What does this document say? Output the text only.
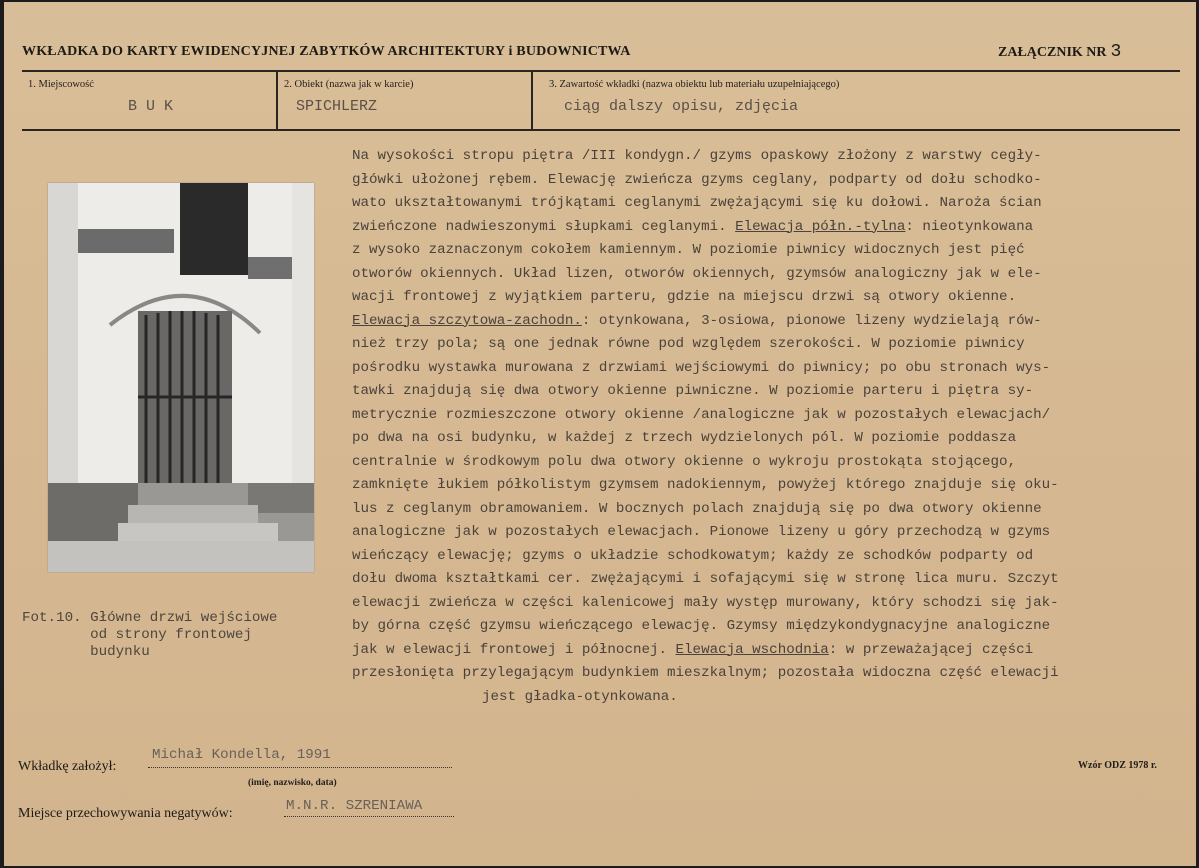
WKŁADKA DO KARTY EWIDENCYJNEJ ZABYTKÓW ARCHITEKTURY i BUDOWNICTWA	ZAŁĄCZNIK NR 3
1. Miejscowość
B U K
2. Obiekt (nazwa jak w karcie)
SPICHLERZ
3. Zawartość wkładki (nazwa obiektu lub materiału uzupełniającego)
ciąg dalszy opisu, zdjęcia
Fot.10. Główne drzwi wejściowe
od strony frontowej
budynku
Na wysokości stropu piętra /III kondygn./ gzyms opaskowy złożony z warstwy cegły-
główki ułożonej rębem. Elewację zwieńcza gzyms ceglany, podparty od dołu schodko-
wato ukształtowanymi trójkątami ceglanymi zwężającymi się ku dołowi. Naroża ścian
zwieńczone nadwieszonymi słupkami ceglanymi. Elewacja półn.-tylna: nieotynkowana
z wysoko zaznaczonym cokołem kamiennym. W poziomie piwnicy widocznych jest pięć
otworów okiennych. Układ lizen, otworów okiennych, gzymsów analogiczny jak w ele-
wacji frontowej z wyjątkiem parteru, gdzie na miejscu drzwi są otwory okienne.
Elewacja szczytowa-zachodn.: otynkowana, 3-osiowa, pionowe lizeny wydzielają rów-
nież trzy pola; są one jednak równe pod względem szerokości. W poziomie piwnicy
pośrodku wystawka murowana z drzwiami wejściowymi do piwnicy; po obu stronach wys-
tawki znajdują się dwa otwory okienne piwniczne. W poziomie parteru i piętra sy-
metrycznie rozmieszczone otwory okienne /analogiczne jak w pozostałych elewacjach/
po dwa na osi budynku, w każdej z trzech wydzielonych pól. W poziomie poddasza
centralnie w środkowym polu dwa otwory okienne o wykroju prostokąta stojącego,
zamknięte łukiem półkolistym gzymsem nadokiennym, powyżej którego znajduje się oku-
lus z ceglanym obramowaniem. W bocznych polach znajdują się po dwa otwory okienne
analogiczne jak w pozostałych elewacjach. Pionowe lizeny u góry przechodzą w gzyms
wieńczący elewację; gzyms o układzie schodkowatym; każdy ze schodków podparty od
dołu dwoma kształtkami cer. zwężającymi i sofającymi się w stronę lica muru. Szczyt
elewacji zwieńcza w części kalenicowej mały występ murowany, który schodzi się jak-
by górna część gzymsu wieńczącego elewację. Gzymsy międzykondygnacyjne analogiczne
jak w elewacji frontowej i północnej. Elewacja wschodnia: w przeważającej części
przesłonięta przylegającym budynkiem mieszkalnym; pozostała widoczna część elewacji
jest gładka-otynkowana.
Wkładkę założył:
Michał Kondella, 1991
(imię, nazwisko, data)
Miejsce przechowywania negatywów:	M.N.R. SZRENIAWA
Wzór ODZ 1978 r.
